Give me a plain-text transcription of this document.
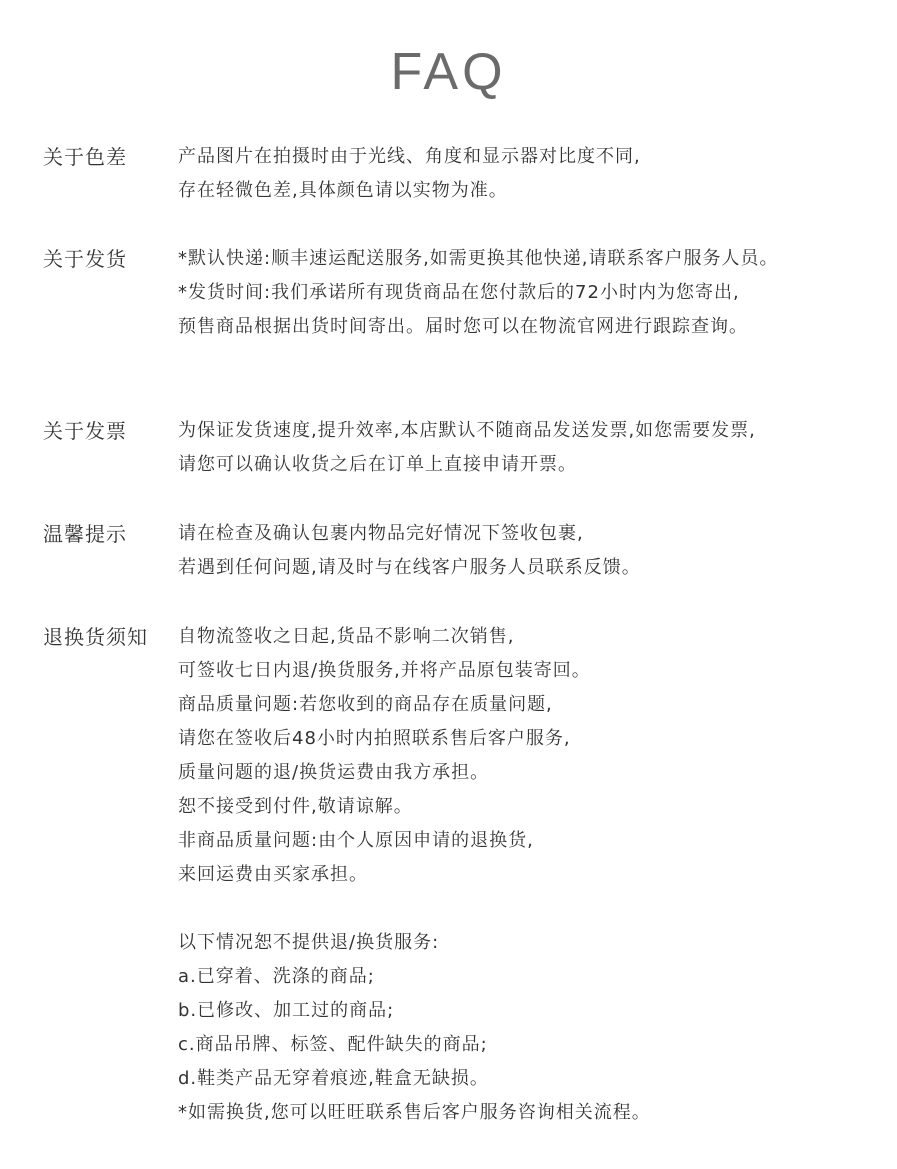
FAQ
关于色差	产品图片在拍摄时由于光线、角度和显示器对比度不同,
存在轻微色差,具体颜色请以实物为准。
关于发货	*默认快递:顺丰速运配送服务,如需更换其他快递,请联系客户服务人员。
*发货时间:我们承诺所有现货商品在您付款后的72小时内为您寄出,
预售商品根据出货时间寄出。届时您可以在物流官网进行跟踪查询。
关于发票	为保证发货速度,提升效率,本店默认不随商品发送发票,如您需要发票,
请您可以确认收货之后在订单上直接申请开票。
温馨提示	请在检查及确认包裹内物品完好情况下签收包裹,
若遇到任何问题,请及时与在线客户服务人员联系反馈。
退换货须知 自物流签收之日起,货品不影响二次销售,
可签收七日内退/换货服务,并将产品原包装寄回。
商品质量问题:若您收到的商品存在质量问题,
请您在签收后48小时内拍照联系售后客户服务,
质量问题的退/换货运费由我方承担。
恕不接受到付件,敬请谅解。
非商品质量问题:由个人原因申请的退换货,
来回运费由买家承担。
以下情况恕不提供退/换货服务:
a.已穿着、洗涤的商品;
b.已修改、加工过的商品;
c.商品吊牌、标签、配件缺失的商品;
d.鞋类产品无穿着痕迹,鞋盒无缺损。
*如需换货,您可以旺旺联系售后客户服务咨询相关流程。
